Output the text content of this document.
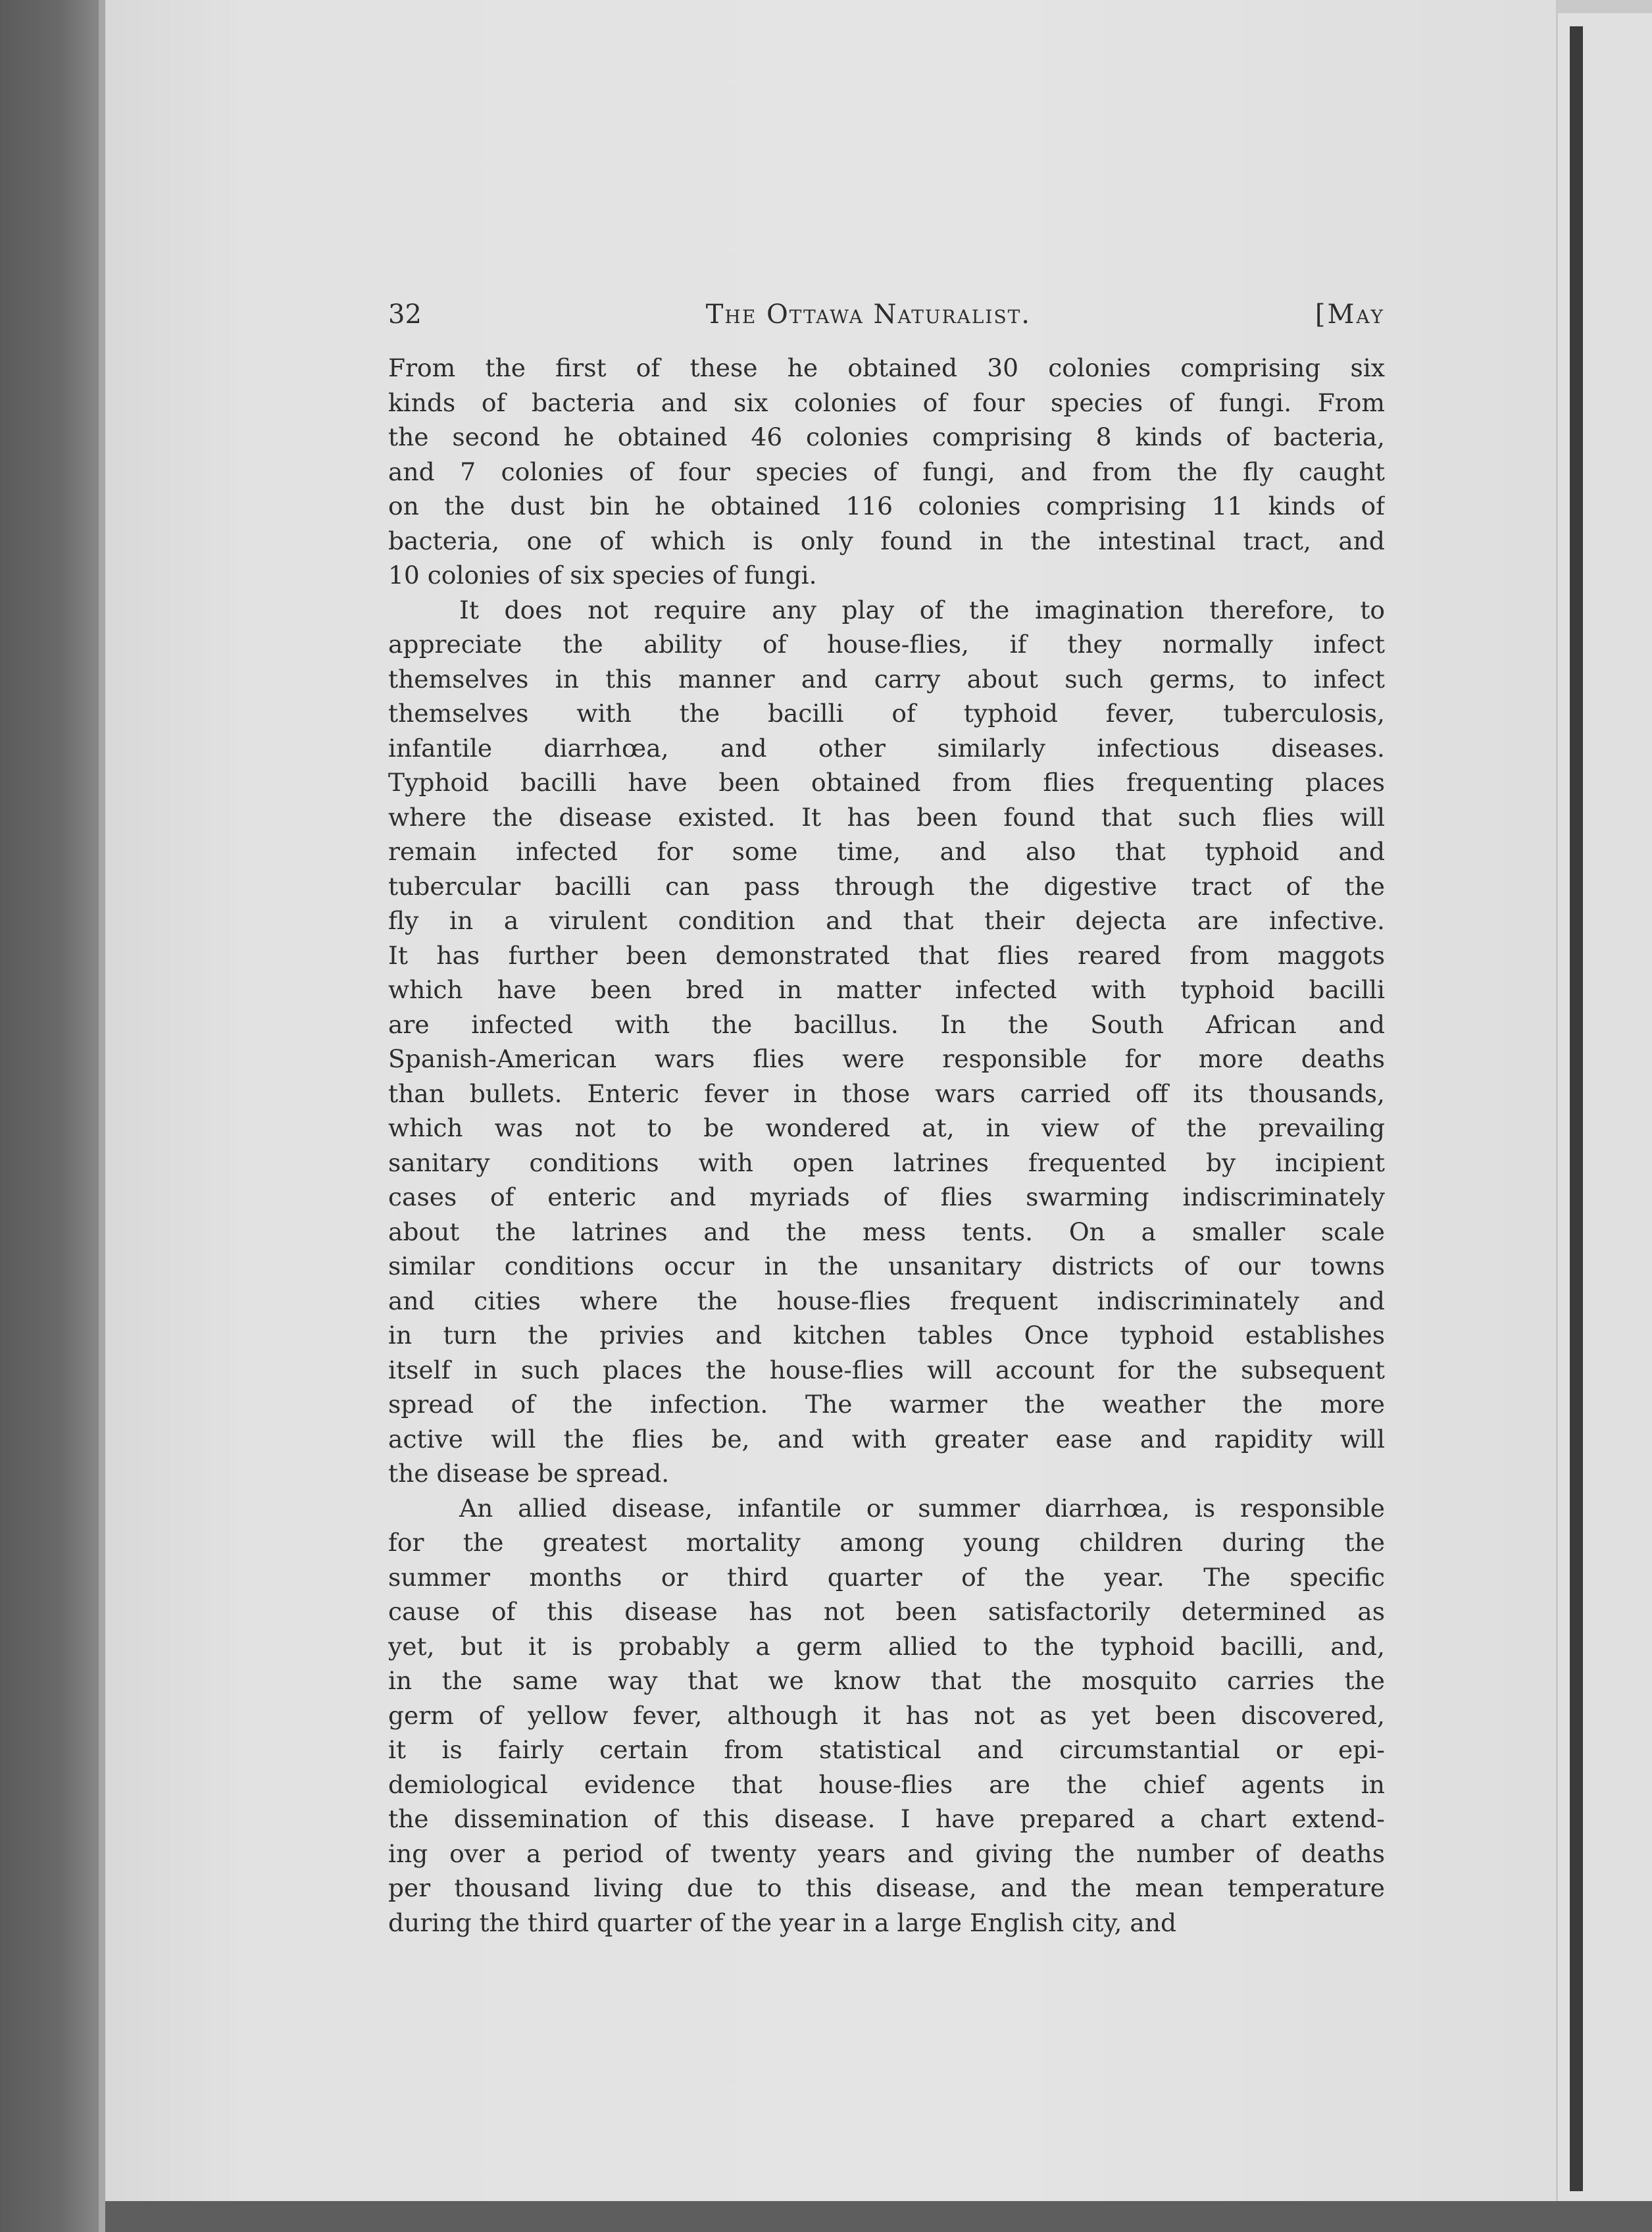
32	The Ottawa Naturalist.	[May
From the first of these he obtained 30 colonies comprising six
kinds of bacteria and six colonies of four species of fungi. From
the second he obtained 46 colonies comprising 8 kinds of bacteria,
and 7 colonies of four species of fungi, and from the fly caught
on the dust bin he obtained 116 colonies comprising 11 kinds of
bacteria, one of which is only found in the intestinal tract, and
10 colonies of six species of fungi.
It does not require any play of the imagination therefore, to
appreciate the ability of house-flies, if they normally infect
themselves in this manner and carry about such germs, to infect
themselves with the bacilli of typhoid fever, tuberculosis,
infantile diarrhœa, and other similarly infectious diseases.
Typhoid bacilli have been obtained from flies frequenting places
where the disease existed. It has been found that such flies will
remain infected for some time, and also that typhoid and
tubercular bacilli can pass through the digestive tract of the
fly in a virulent condition and that their dejecta are infective.
It has further been demonstrated that flies reared from maggots
which have been bred in matter infected with typhoid bacilli
are infected with the bacillus. In the South African and
Spanish-American wars flies were responsible for more deaths
than bullets. Enteric fever in those wars carried off its thousands,
which was not to be wondered at, in view of the prevailing
sanitary conditions with open latrines frequented by incipient
cases of enteric and myriads of flies swarming indiscriminately
about the latrines and the mess tents. On a smaller scale
similar conditions occur in the unsanitary districts of our towns
and cities where the house-flies frequent indiscriminately and
in turn the privies and kitchen tables Once typhoid establishes
itself in such places the house-flies will account for the subsequent
spread of the infection. The warmer the weather the more
active will the flies be, and with greater ease and rapidity will
the disease be spread.
An allied disease, infantile or summer diarrhœa, is responsible
for the greatest mortality among young children during the
summer months or third quarter of the year. The specific
cause of this disease has not been satisfactorily determined as
yet, but it is probably a germ allied to the typhoid bacilli, and,
in the same way that we know that the mosquito carries the
germ of yellow fever, although it has not as yet been discovered,
it is fairly certain from statistical and circumstantial or epi-
demiological evidence that house-flies are the chief agents in
the dissemination of this disease. I have prepared a chart extend-
ing over a period of twenty years and giving the number of deaths
per thousand living due to this disease, and the mean temperature
during the third quarter of the year in a large English city, and
